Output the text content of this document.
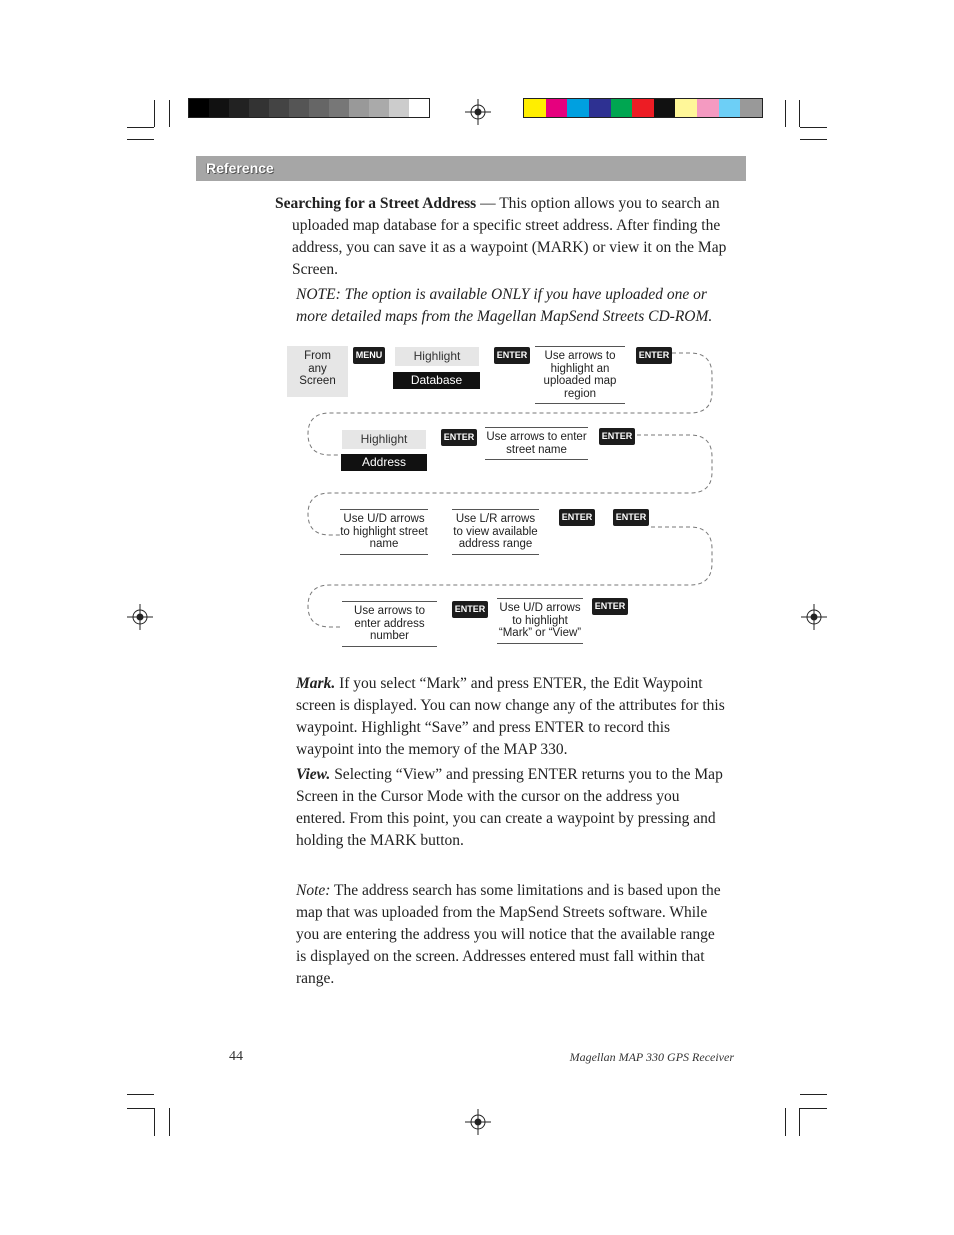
Reference
Searching for a Street Address — This option allows you to search an uploaded map database for a specific street address. After finding the address, you can save it as a waypoint (MARK) or view it on the Map Screen.
NOTE: The option is available ONLY if you have uploaded one or more detailed maps from the Magellan MapSend Streets CD-ROM.
From any Screen
MENU	Highlight
Database
ENTER	Use arrows to highlight an uploaded map region
ENTER
Highlight
Address
ENTER Use arrows to enter street name
ENTER
Use U/D arrows to highlight street name
Use L/R arrows to view available address range
ENTER	ENTER
Use arrows to enter address number
ENTER Use U/D arrows to highlight “Mark” or “View”
ENTER
Mark. If you select “Mark” and press ENTER, the Edit Waypoint screen is displayed. You can now change any of the attributes for this waypoint. Highlight “Save” and press ENTER to record this waypoint into the memory of the MAP 330.
View. Selecting “View” and pressing ENTER returns you to the Map Screen in the Cursor Mode with the cursor on the address you entered. From this point, you can create a waypoint by pressing and holding the MARK button.
Note: The address search has some limitations and is based upon the map that was uploaded from the MapSend Streets software. While you are entering the address you will notice that the available range is displayed on the screen. Addresses entered must fall within that range.
44	Magellan MAP 330 GPS Receiver
